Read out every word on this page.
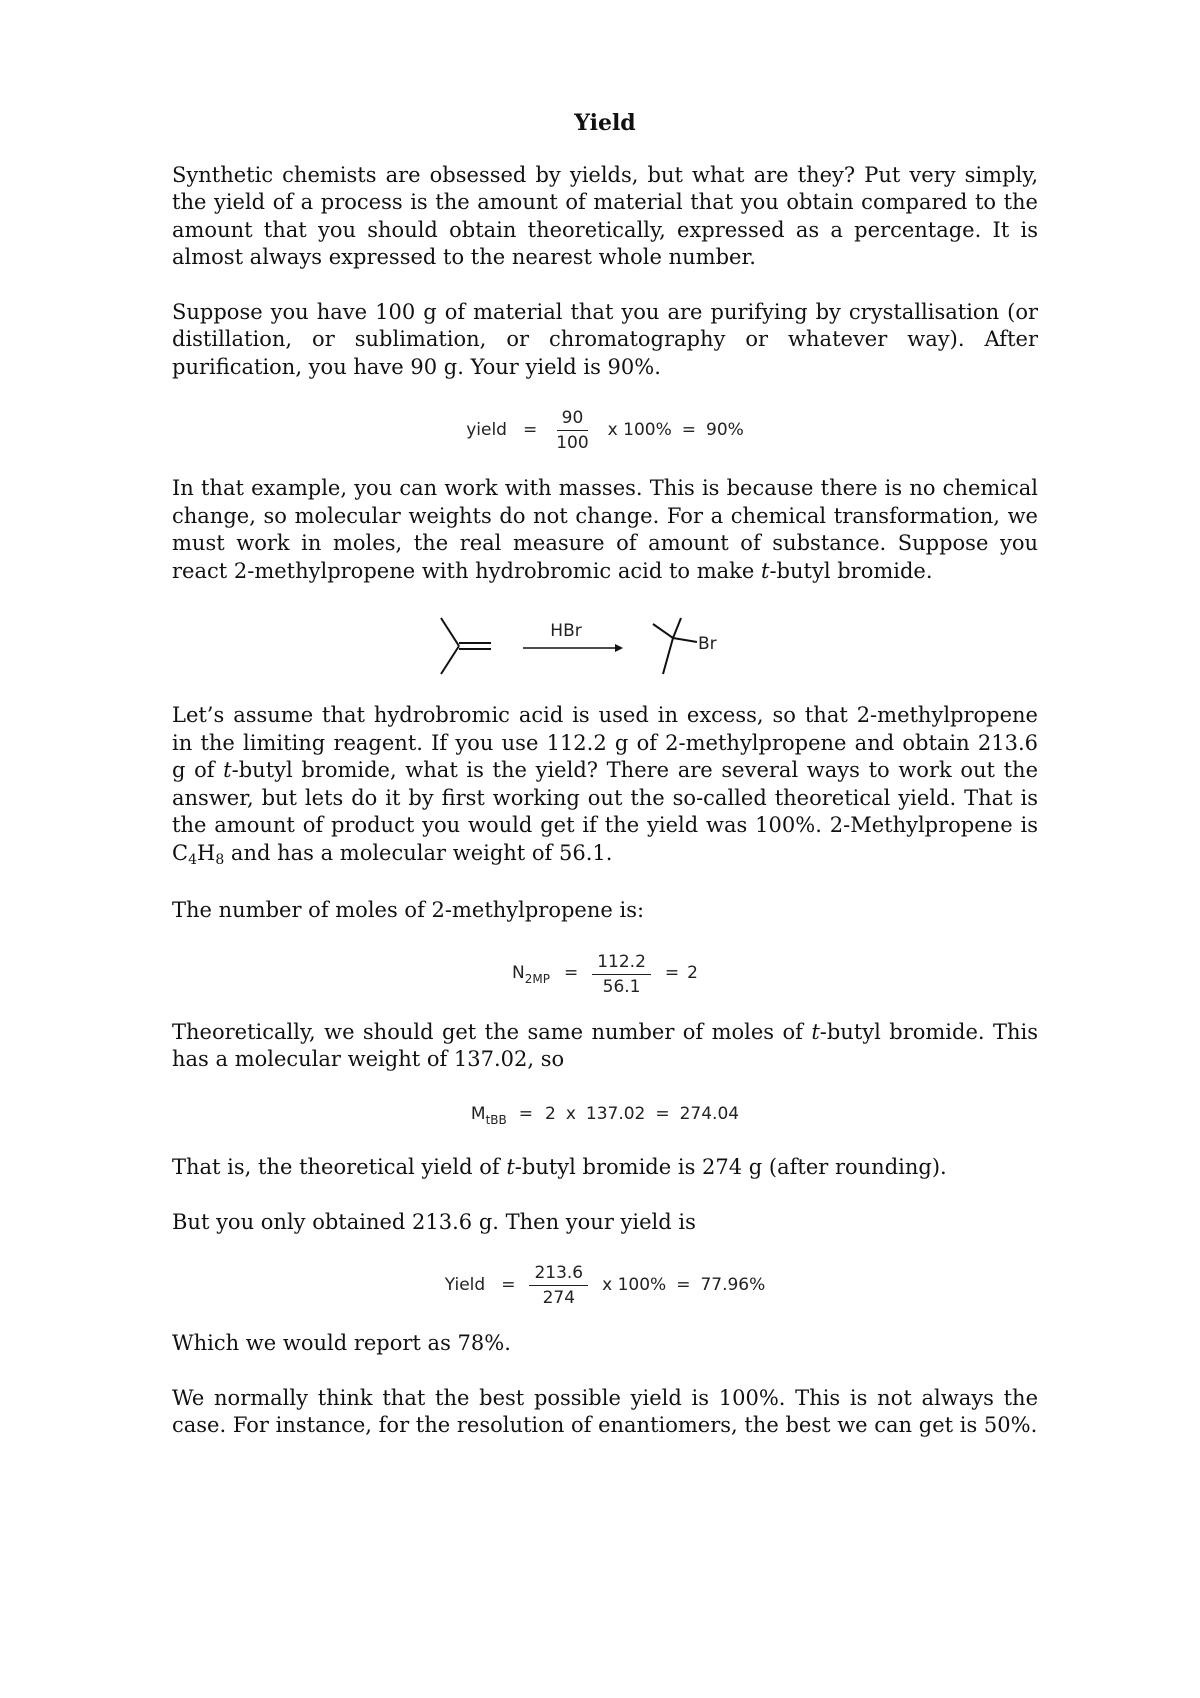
Yield

Synthetic chemists are obsessed by yields, but what are they? Put very simply, the yield of a process is the amount of material that you obtain compared to the amount that you should obtain theoretically, expressed as a percentage. It is almost always expressed to the nearest whole number.

Suppose you have 100 g of material that you are purifying by crystallisation (or distillation, or sublimation, or chromatography or whatever way). After purification, you have 90 g. Your yield is 90%.

yield = $\frac{90}{100}$ x 100% = 90%

In that example, you can work with masses. This is because there is no chemical change, so molecular weights do not change. For a chemical transformation, we must work in moles, the real measure of amount of substance. Suppose you react 2-methylpropene with hydrobromic acid to make t-butyl bromide.

HBr
Br

Let’s assume that hydrobromic acid is used in excess, so that 2-methylpropene in the limiting reagent. If you use 112.2 g of 2-methylpropene and obtain 213.6 g of t-butyl bromide, what is the yield? There are several ways to work out the answer, but lets do it by first working out the so-called theoretical yield. That is the amount of product you would get if the yield was 100%. 2-Methylpropene is C4H8 and has a molecular weight of 56.1.

The number of moles of 2-methylpropene is:

N $2MP = \frac{112.2}{56.1} = 2$

Theoretically, we should get the same number of moles of t-butyl bromide. This has a molecular weight of 137.02, so

M tBB = 2 x 137.02 = 274.04

That is, the theoretical yield of t-butyl bromide is 274 g (after rounding).

But you only obtained 213.6 g. Then your yield is

Yield = $\frac{213.6}{274}$ x 100% = 77.96%

Which we would report as 78%.

We normally think that the best possible yield is 100%. This is not always the case. For instance, for the resolution of enantiomers, the best we can get is 50%.
